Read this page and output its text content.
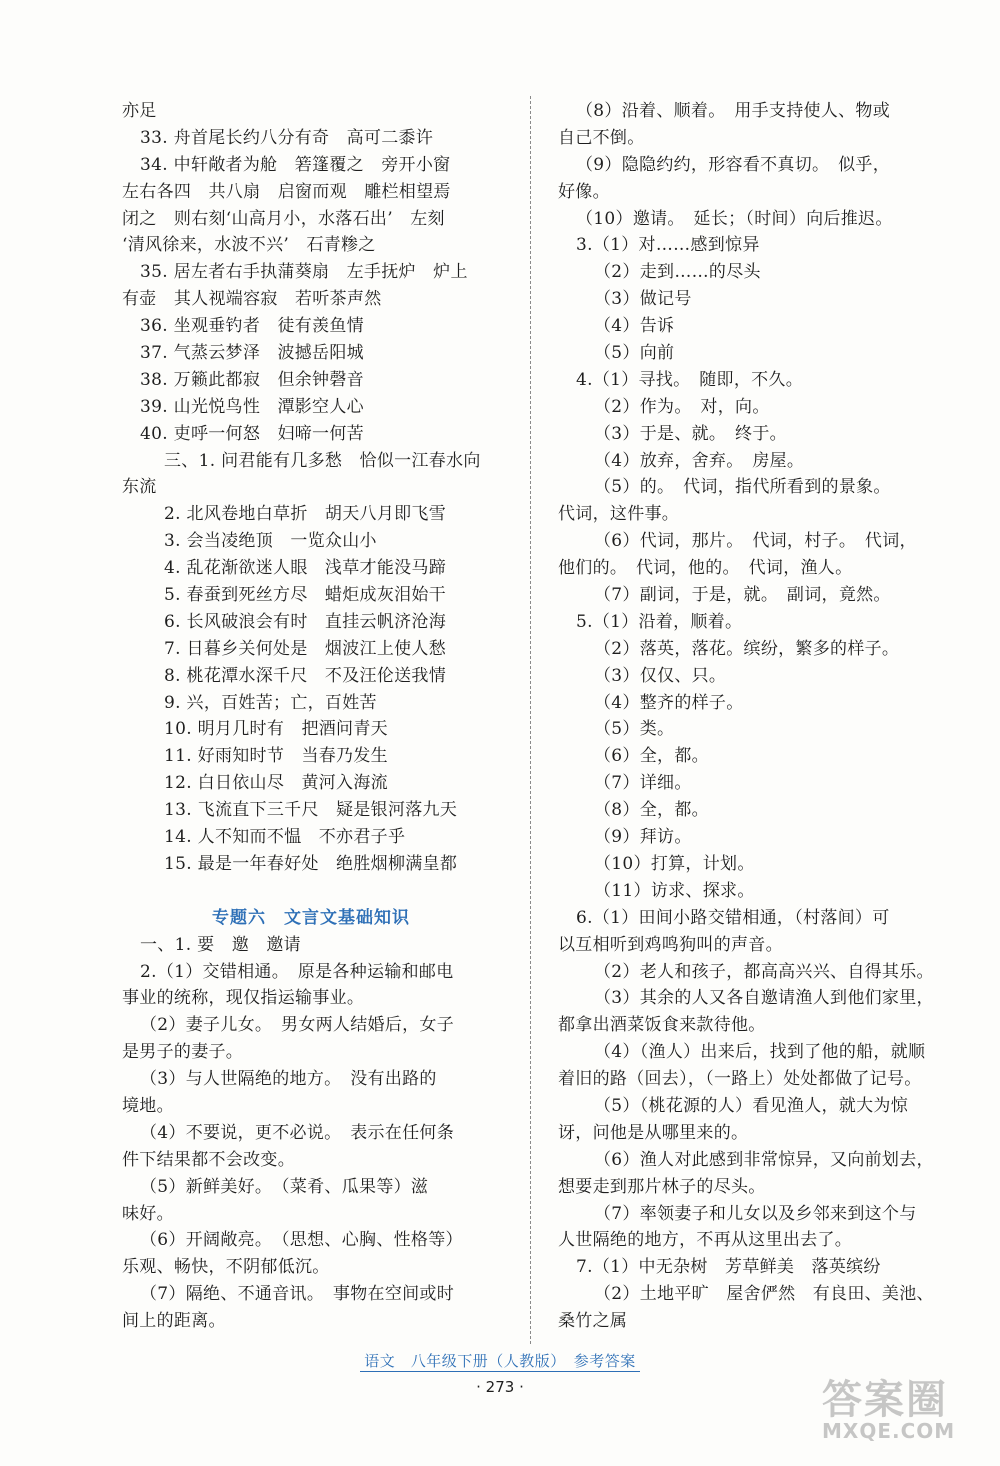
亦足
33. 舟首尾长约八分有奇　高可二黍许
34. 中轩敞者为舱　箬篷覆之　旁开小窗
左右各四　共八扇　启窗而观　雕栏相望焉
闭之　则右刻‘山高月小，水落石出’　左刻
‘清风徐来，水波不兴’　石青糁之
35. 居左者右手执蒲葵扇　左手抚炉　炉上
有壶　其人视端容寂　若听茶声然
36. 坐观垂钓者　徒有羡鱼情
37. 气蒸云梦泽　波撼岳阳城
38. 万籁此都寂　但余钟磬音
39. 山光悦鸟性　潭影空人心
40. 吏呼一何怒　妇啼一何苦
三、1. 问君能有几多愁　恰似一江春水向
东流
2. 北风卷地白草折　胡天八月即飞雪
3. 会当凌绝顶　一览众山小
4. 乱花渐欲迷人眼　浅草才能没马蹄
5. 春蚕到死丝方尽　蜡炬成灰泪始干
6. 长风破浪会有时　直挂云帆济沧海
7. 日暮乡关何处是　烟波江上使人愁
8. 桃花潭水深千尺　不及汪伦送我情
9. 兴，百姓苦；亡，百姓苦
10. 明月几时有　把酒问青天
11. 好雨知时节　当春乃发生
12. 白日依山尽　黄河入海流
13. 飞流直下三千尺　疑是银河落九天
14. 人不知而不愠　不亦君子乎
15. 最是一年春好处　绝胜烟柳满皇都
专题六　文言文基础知识
一、1. 要　邀　邀请
2.（1）交错相通。　原是各种运输和邮电
事业的统称，现仅指运输事业。
（2）妻子儿女。　男女两人结婚后，女子
是男子的妻子。
（3）与人世隔绝的地方。　没有出路的
境地。
（4）不要说，更不必说。　表示在任何条
件下结果都不会改变。
（5）新鲜美好。　（菜肴、瓜果等）滋
味好。
（6）开阔敞亮。　（思想、心胸、性格等）
乐观、畅快，不阴郁低沉。
（7）隔绝、不通音讯。　事物在空间或时
间上的距离。
（8）沿着、顺着。　用手支持使人、物或
自己不倒。
（9）隐隐约约，形容看不真切。　似乎，
好像。
（10）邀请。　延长；（时间）向后推迟。
3.（1）对……感到惊异
（2）走到……的尽头
（3）做记号
（4）告诉
（5）向前
4.（1）寻找。　随即，不久。
（2）作为。　对，向。
（3）于是、就。　终于。
（4）放弃，舍弃。　房屋。
（5）的。　代词，指代所看到的景象。
代词，这件事。
（6）代词，那片。　代词，村子。　代词，
他们的。　代词，他的。　代词，渔人。
（7）副词，于是，就。　副词，竟然。
5.（1）沿着，顺着。
（2）落英，落花。缤纷，繁多的样子。
（3）仅仅、只。
（4）整齐的样子。
（5）类。
（6）全，都。
（7）详细。
（8）全，都。
（9）拜访。
（10）打算，计划。
（11）访求、探求。
6.（1）田间小路交错相通，（村落间）可
以互相听到鸡鸣狗叫的声音。
（2）老人和孩子，都高高兴兴、自得其乐。
（3）其余的人又各自邀请渔人到他们家里，
都拿出酒菜饭食来款待他。
（4）（渔人）出来后，找到了他的船，就顺
着旧的路（回去），（一路上）处处都做了记号。
（5）（桃花源的人）看见渔人，就大为惊
讶，问他是从哪里来的。
（6）渔人对此感到非常惊异，又向前划去，
想要走到那片林子的尽头。
（7）率领妻子和儿女以及乡邻来到这个与
人世隔绝的地方，不再从这里出去了。
7.（1）中无杂树　芳草鲜美　落英缤纷
（2）土地平旷　屋舍俨然　有良田、美池、
桑竹之属
语文　八年级下册（人教版）　参考答案
· 273 ·	答案圈
MXQE.COM
